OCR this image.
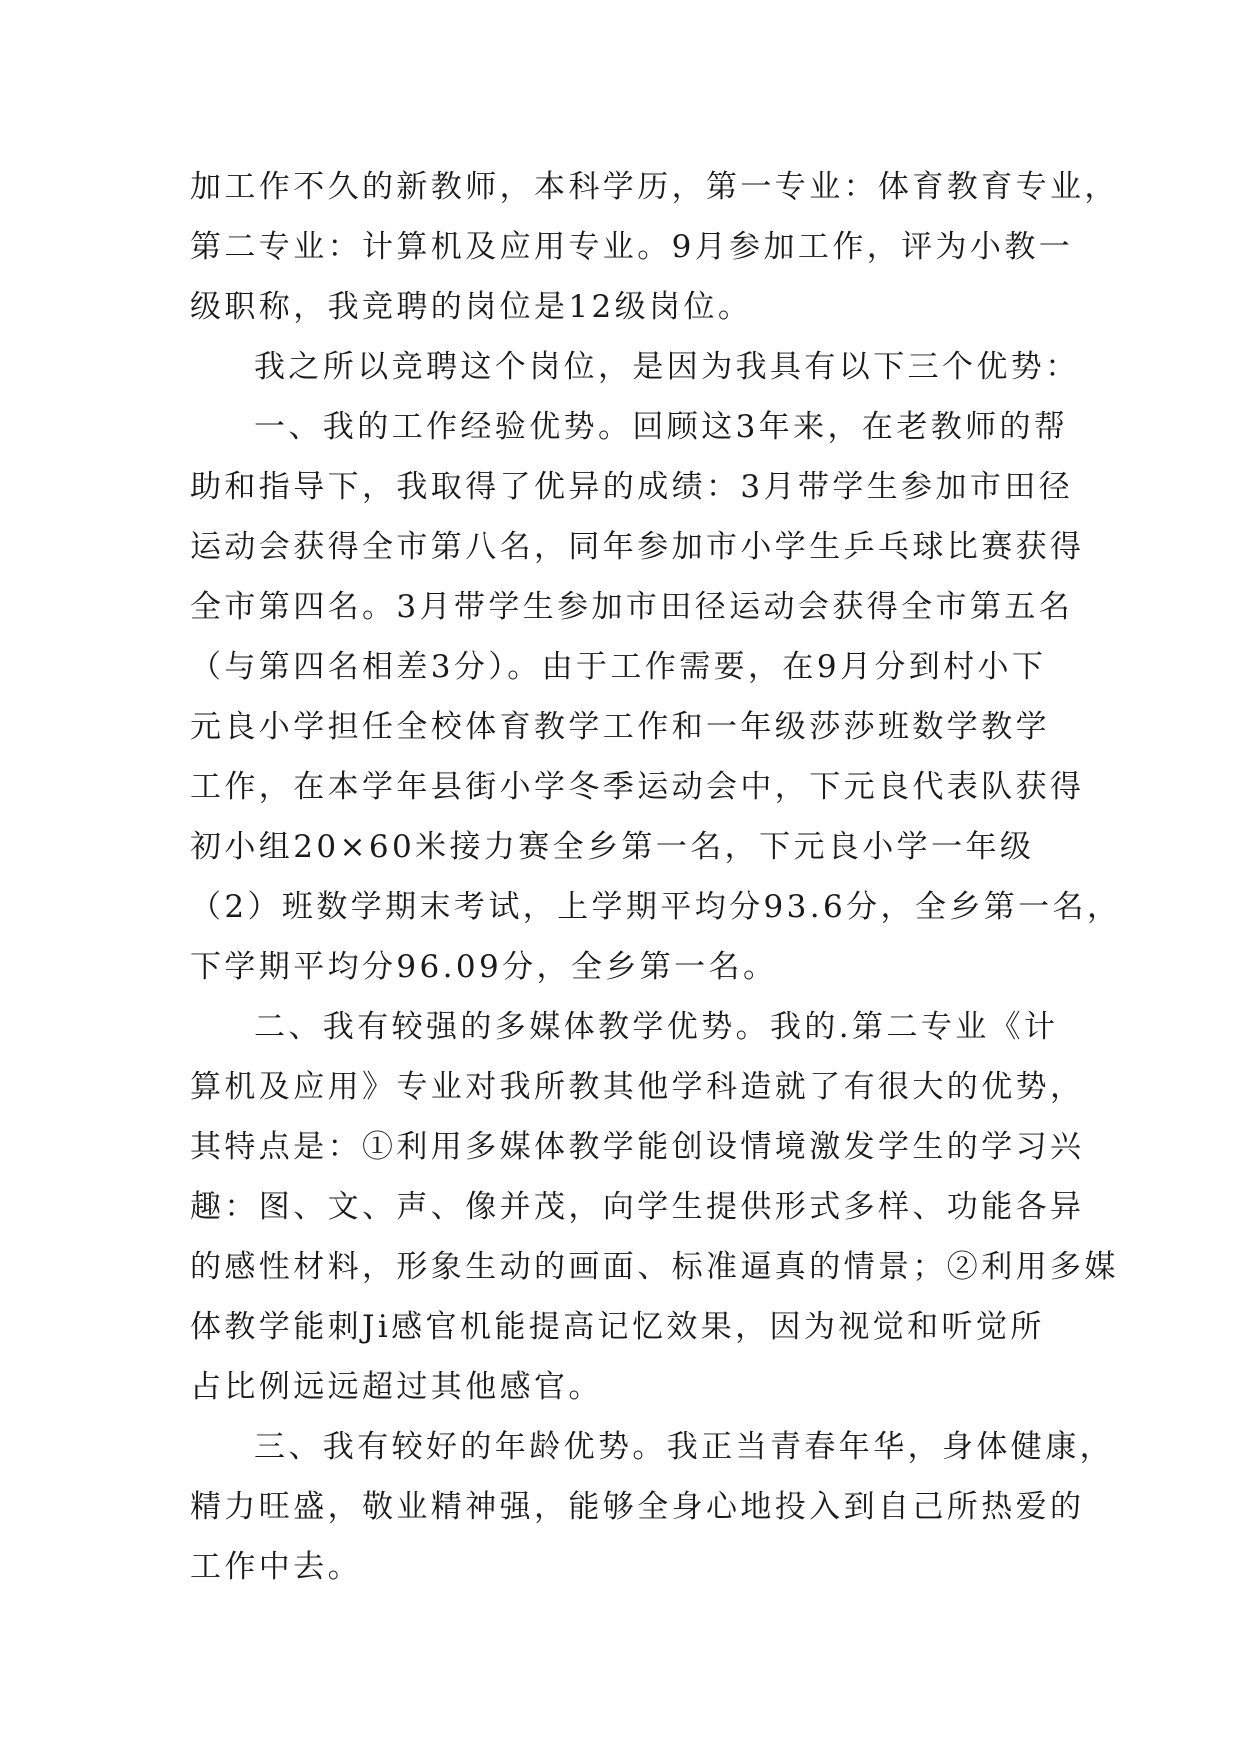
加工作不久的新教师，本科学历，第一专业：体育教育专业，
第二专业：计算机及应用专业。9月参加工作，评为小教一
级职称，我竞聘的岗位是12级岗位。
我之所以竞聘这个岗位，是因为我具有以下三个优势：
一、我的工作经验优势。回顾这3年来，在老教师的帮
助和指导下，我取得了优异的成绩：3月带学生参加市田径
运动会获得全市第八名，同年参加市小学生乒乓球比赛获得
全市第四名。3月带学生参加市田径运动会获得全市第五名
（与第四名相差3分）。由于工作需要，在9月分到村小下
元良小学担任全校体育教学工作和一年级莎莎班数学教学
工作，在本学年县街小学冬季运动会中，下元良代表队获得
初小组20×60米接力赛全乡第一名，下元良小学一年级
（2）班数学期末考试，上学期平均分93.6分，全乡第一名，
下学期平均分96.09分，全乡第一名。
二、我有较强的多媒体教学优势。我的.第二专业《计
算机及应用》专业对我所教其他学科造就了有很大的优势，
其特点是：①利用多媒体教学能创设情境激发学生的学习兴
趣：图、文、声、像并茂，向学生提供形式多样、功能各异
的感性材料，形象生动的画面、标准逼真的情景；②利用多媒
体教学能刺Ji感官机能提高记忆效果，因为视觉和听觉所
占比例远远超过其他感官。
三、我有较好的年龄优势。我正当青春年华，身体健康，
精力旺盛，敬业精神强，能够全身心地投入到自己所热爱的
工作中去。
